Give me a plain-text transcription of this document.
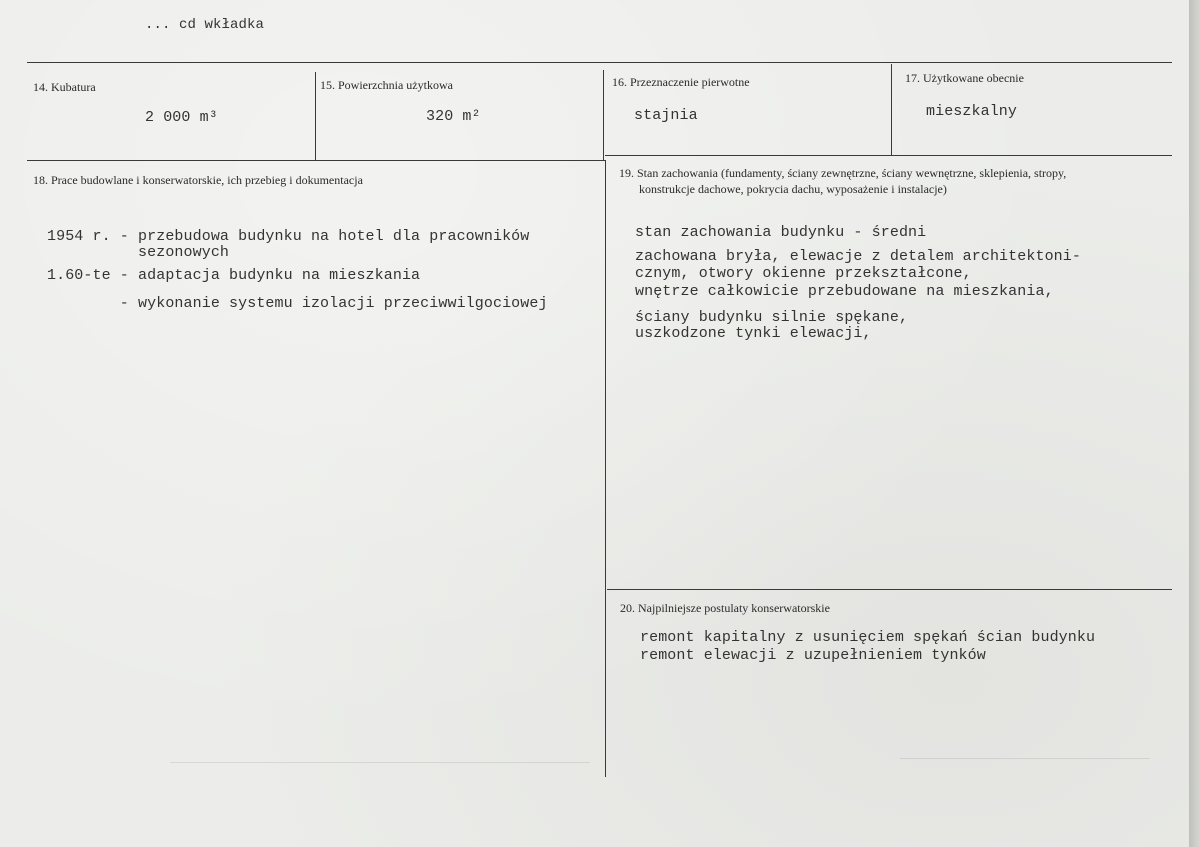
... cd wkładka
14. Kubatura
2 000 m³
15. Powierzchnia użytkowa
320 m²
16. Przeznaczenie pierwotne
stajnia
17. Użytkowane obecnie
mieszkalny
18. Prace budowlane i konserwatorskie, ich przebieg i dokumentacja
1954 r. - przebudowa budynku na hotel dla pracowników
sezonowych
1.60-te - adaptacja budynku na mieszkania
- wykonanie systemu izolacji przeciwwilgociowej
19. Stan zachowania (fundamenty, ściany zewnętrzne, ściany wewnętrzne, sklepienia, stropy,
konstrukcje dachowe, pokrycia dachu, wyposażenie i instalacje)
stan zachowania budynku - średni
zachowana bryła, elewacje z detalem architektoni-
cznym, otwory okienne przekształcone,
wnętrze całkowicie przebudowane na mieszkania,
ściany budynku silnie spękane,
uszkodzone tynki elewacji,
20. Najpilniejsze postulaty konserwatorskie
remont kapitalny z usunięciem spękań ścian budynku
remont elewacji z uzupełnieniem tynków
